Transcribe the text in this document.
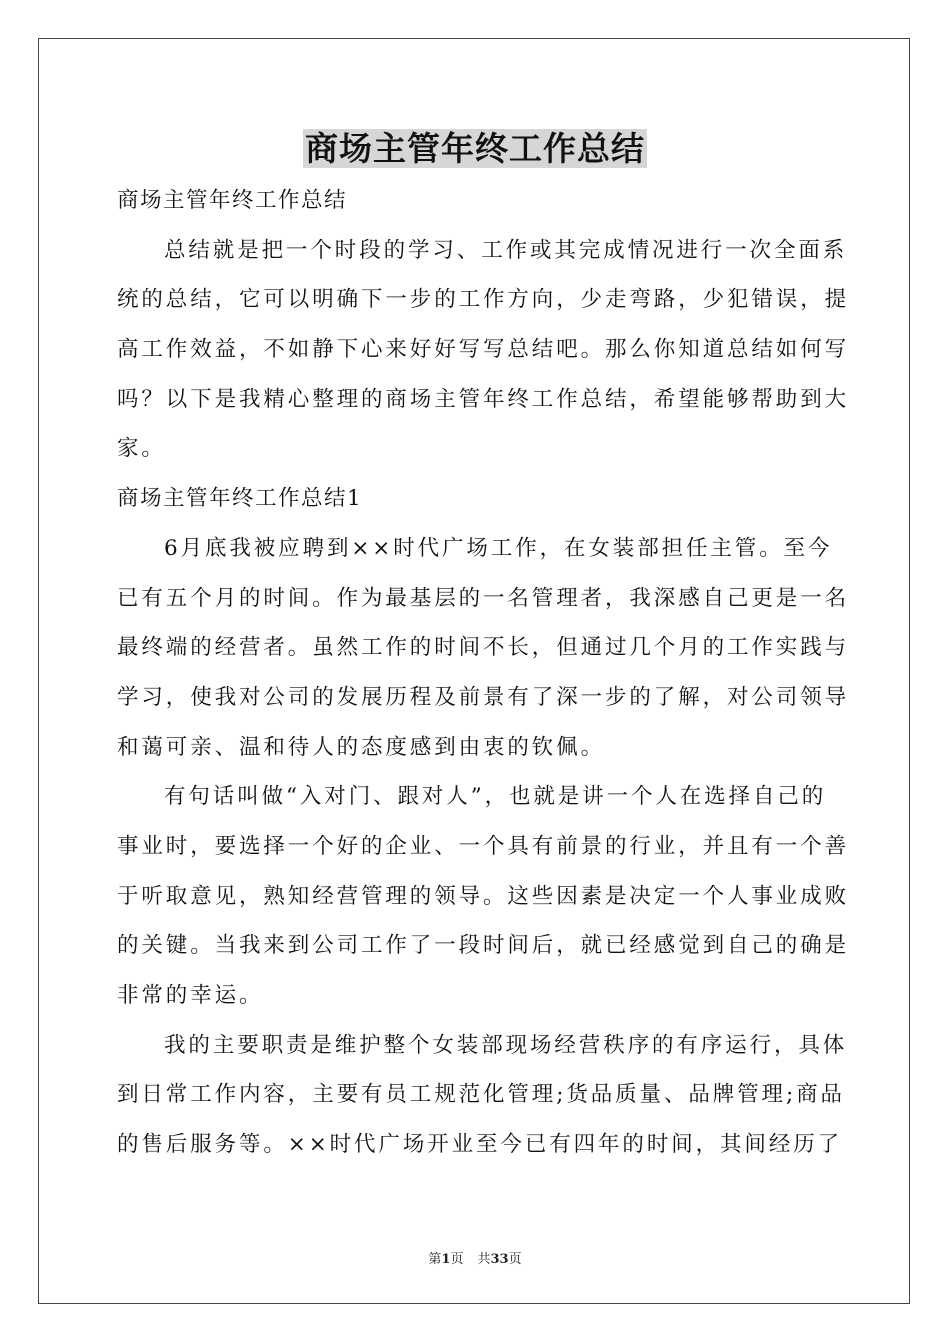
商场主管年终工作总结

商场主管年终工作总结

总结就是把一个时段的学习、工作或其完成情况进行一次全面系

统的总结，它可以明确下一步的工作方向，少走弯路，少犯错误，提

高工作效益，不如静下心来好好写写总结吧。那么你知道总结如何写

吗？以下是我精心整理的商场主管年终工作总结，希望能够帮助到大

家。

商场主管年终工作总结1

6月底我被应聘到××时代广场工作，在女装部担任主管。至今

已有五个月的时间。作为最基层的一名管理者，我深感自己更是一名

最终端的经营者。虽然工作的时间不长，但通过几个月的工作实践与

学习，使我对公司的发展历程及前景有了深一步的了解，对公司领导

和蔼可亲、温和待人的态度感到由衷的钦佩。

有句话叫做“入对门、跟对人”，也就是讲一个人在选择自己的

事业时，要选择一个好的企业、一个具有前景的行业，并且有一个善

于听取意见，熟知经营管理的领导。这些因素是决定一个人事业成败

的关键。当我来到公司工作了一段时间后，就已经感觉到自己的确是

非常的幸运。

我的主要职责是维护整个女装部现场经营秩序的有序运行，具体

到日常工作内容，主要有员工规范化管理;货品质量、品牌管理;商品

的售后服务等。××时代广场开业至今已有四年的时间，其间经历了

第1页 共33页
